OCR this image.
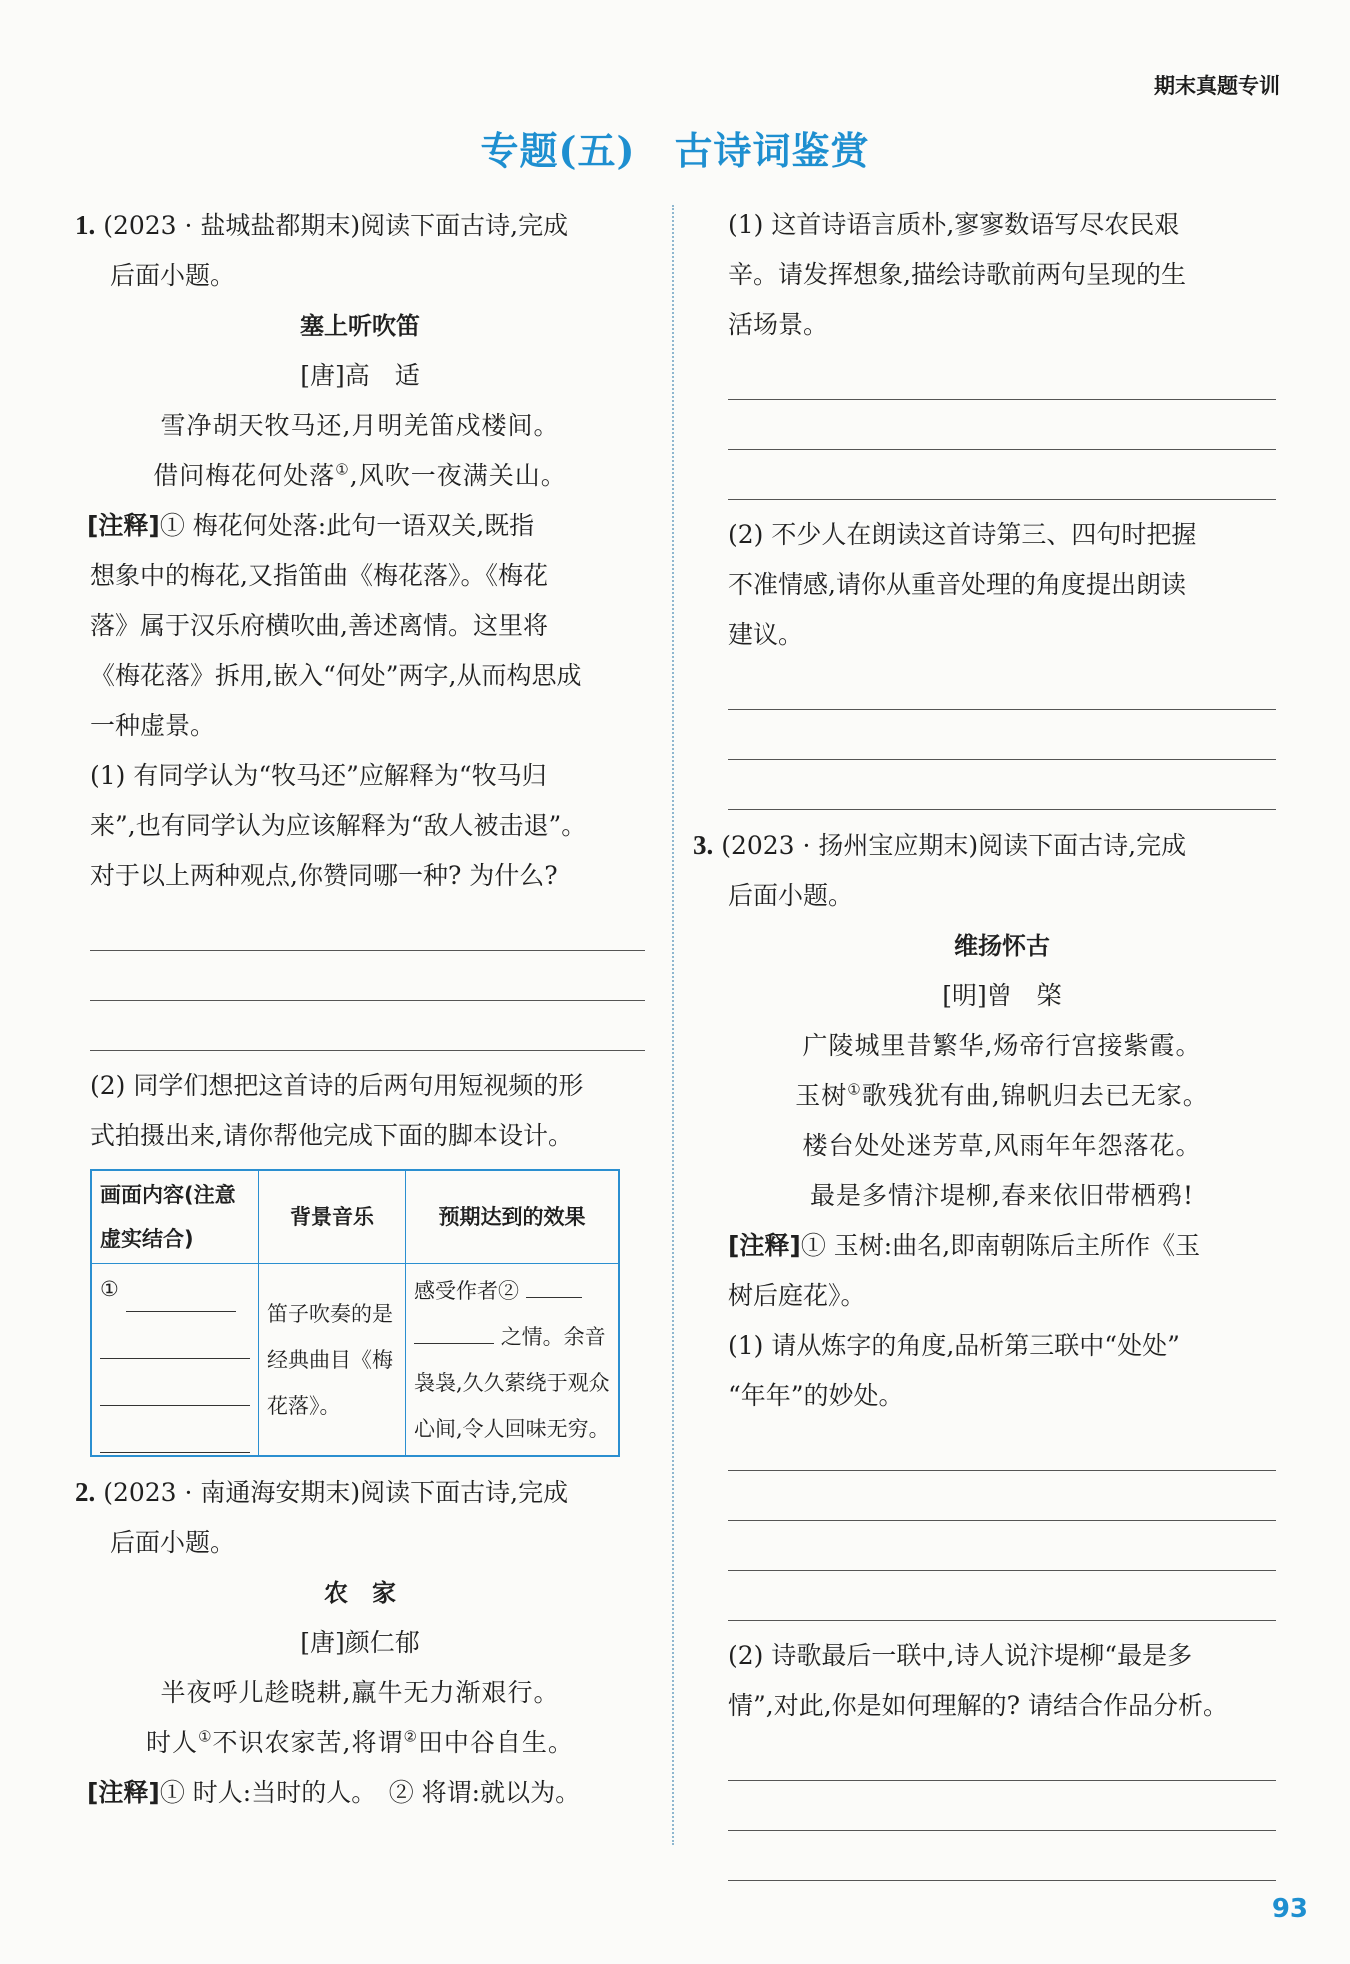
期末真题专训
专题(五)　古诗词鉴赏

1. (2023 · 盐城盐都期末)阅读下面古诗,完成

后面小题。

塞上听吹笛

[唐]高　适

雪净胡天牧马还,月明羌笛戍楼间。

借问梅花何处落①,风吹一夜满关山。

[注释]① 梅花何处落:此句一语双关,既指

想象中的梅花,又指笛曲《梅花落》。《梅花

落》属于汉乐府横吹曲,善述离情。这里将

《梅花落》拆用,嵌入“何处”两字,从而构思成

一种虚景。

(1) 有同学认为“牧马还”应解释为“牧马归

来”,也有同学认为应该解释为“敌人被击退”。

对于以上两种观点,你赞同哪一种? 为什么?

(2) 同学们想把这首诗的后两句用短视频的形

式拍摄出来,请你帮他完成下面的脚本设计。

画面内容(注意虚实结合)	背景音乐	预期达到的效果

①	笛子吹奏的是经典曲目《梅花落》。	感受作者②
之情。余音袅袅,久久萦绕于观众心间,令人回味无穷。

2. (2023 · 南通海安期末)阅读下面古诗,完成

后面小题。

农　家

[唐]颜仁郁

半夜呼儿趁晓耕,羸牛无力渐艰行。

时人①不识农家苦,将谓②田中谷自生。

[注释]① 时人:当时的人。　② 将谓:就以为。

(1) 这首诗语言质朴,寥寥数语写尽农民艰

辛。请发挥想象,描绘诗歌前两句呈现的生

活场景。

(2) 不少人在朗读这首诗第三、四句时把握

不准情感,请你从重音处理的角度提出朗读

建议。

3. (2023 · 扬州宝应期末)阅读下面古诗,完成

后面小题。

维扬怀古

[明]曾　棨

广陵城里昔繁华,炀帝行宫接紫霞。

玉树①歌残犹有曲,锦帆归去已无家。

楼台处处迷芳草,风雨年年怨落花。

最是多情汴堤柳,春来依旧带栖鸦!

[注释]① 玉树:曲名,即南朝陈后主所作《玉

树后庭花》。

(1) 请从炼字的角度,品析第三联中“处处”

“年年”的妙处。

(2) 诗歌最后一联中,诗人说汴堤柳“最是多

情”,对此,你是如何理解的? 请结合作品分析。

93
